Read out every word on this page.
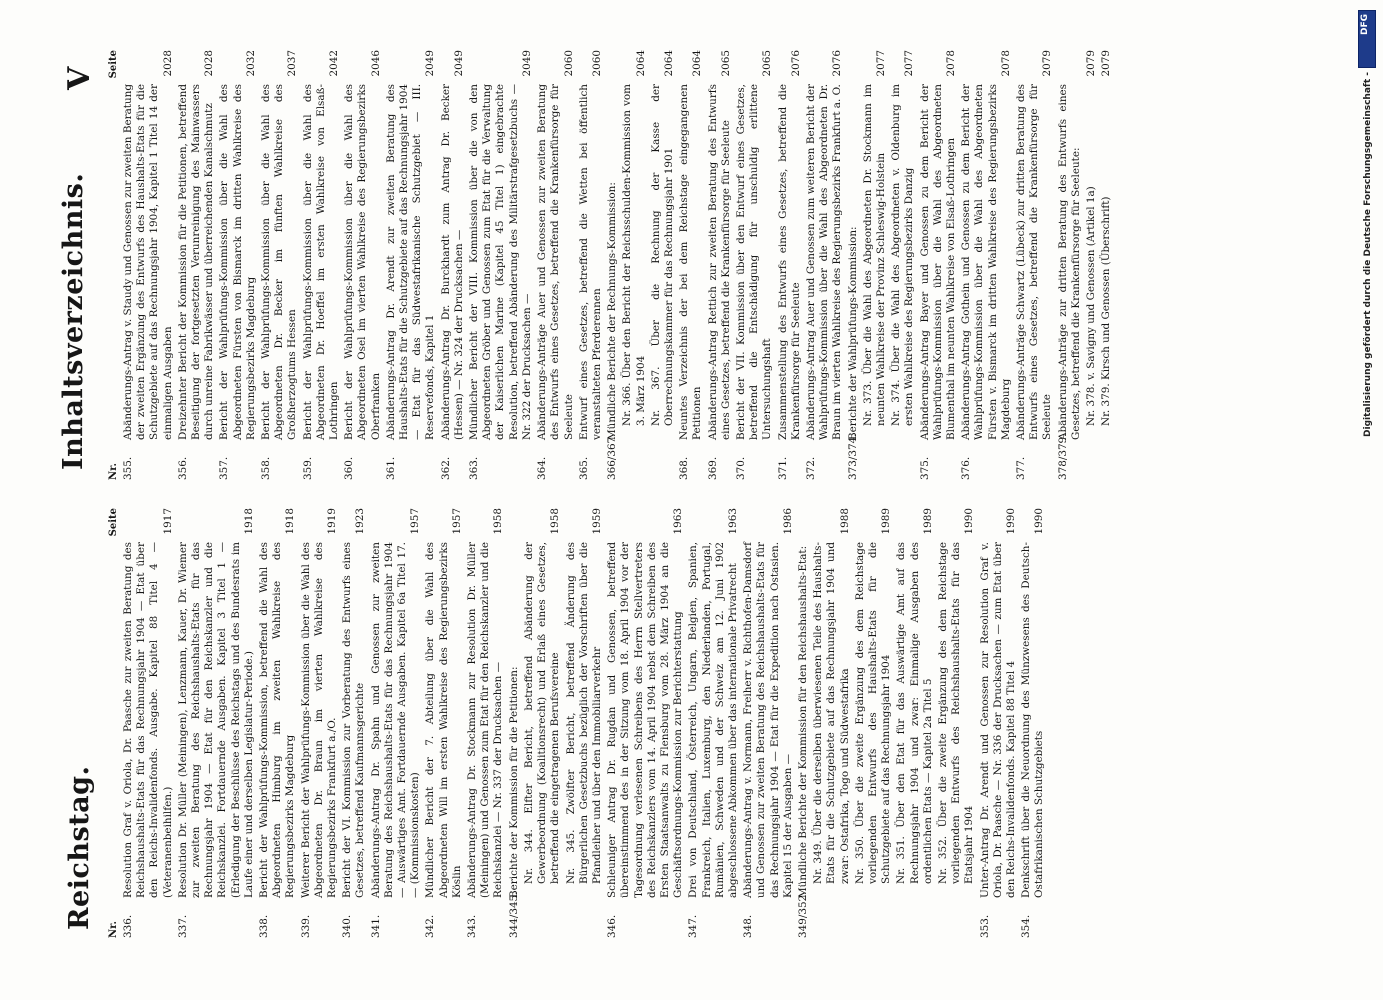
Reichstag.
Inhaltsverzeichnis.
V
Nr.
Seite
336.
Resolution Graf v. Oriola, Dr. Paasche zur zweiten Beratung des Reichshaushalts-Etats für das Rechnungsjahr 1904 — Etat über den Reichs-Invalidenfonds. Ausgabe. Kapitel 88 Titel 4 — (Veteranenbeihilfen.)
1917
337.
Resolution Dr. Müller (Meiningen), Lenzmann, Kauer, Dr. Wiemer zur zweiten Beratung des Reichshaushalts-Etats für das Rechnungsjahr 1904 — Etat für den Reichskanzler und die Reichskanzlei. Fortdauernde Ausgaben. Kapitel 3 Titel 1 — (Erledigung der Beschlüsse des Reichstags und des Bundesrats im Laufe einer und derselben Legislatur-Periode.)
1918
338.
Bericht der Wahlprüfungs-Kommission, betreffend die Wahl des Abgeordneten Himburg im zweiten Wahlkreise des Regierungsbezirks Magdeburg
1918
339.
Weiterer Bericht der Wahlprüfungs-Kommission über die Wahl des Abgeordneten Dr. Braun im vierten Wahlkreise des Regierungsbezirks Frankfurt a./O.
1919
340.
Bericht der VI. Kommission zur Vorberatung des Entwurfs eines Gesetzes, betreffend Kaufmannsgerichte
1923
341.
Abänderungs-Antrag Dr. Spahn und Genossen zur zweiten Beratung des Reichshaushalts-Etats für das Rechnungsjahr 1904 — Auswärtiges Amt. Fortdauernde Ausgaben. Kapitel 6a Titel 17. — (Kommissionskosten)
1957
342.
Mündlicher Bericht der 7. Abteilung über die Wahl des Abgeordneten Will im ersten Wahlkreise des Regierungsbezirks Köslin
1957
343.
Abänderungs-Antrag Dr. Stockmann zur Resolution Dr. Müller (Meiningen) und Genossen zum Etat für den Reichskanzler und die Reichskanzlei — Nr. 337 der Drucksachen —
1958
344/345.
Berichte der Kommission für die Petitionen: Nr. 344. Elfter Bericht, betreffend Abänderung der Gewerbeordnung (Koalitionsrecht) und Erlaß eines Gesetzes, betreffend die eingetragenen Berufsvereine
1958
Nr. 345. Zwölfter Bericht, betreffend Änderung des Bürgerlichen Gesetzbuchs bezüglich der Vorschriften über die Pfandleiher und über den Immobiliarverkehr
1959
346.
Schleuniger Antrag Dr. Rugdan und Genossen, betreffend übereinstimmend des in der Sitzung vom 18. April 1904 vor der Tagesordnung verlesenen Schreibens des Herrn Stellvertreters des Reichskanzlers vom 14. April 1904 nebst dem Schreiben des Ersten Staatsanwalts zu Flensburg vom 28. März 1904 an die Geschäftsordnungs-Kommission zur Berichterstattung
1963
347.
Drei von Deutschland, Österreich, Ungarn, Belgien, Spanien, Frankreich, Italien, Luxemburg, den Niederlanden, Portugal, Rumänien, Schweden und der Schweiz am 12. Juni 1902 abgeschlossene Abkommen über das internationale Privatrecht
1963
348.
Abänderungs-Antrag v. Normann, Freiherr v. Richthofen-Damsdorf und Genossen zur zweiten Beratung des Reichshaushalts-Etats für das Rechnungsjahr 1904 — Etat für die Expedition nach Ostasien. Kapitel 15 der Ausgaben —
1986
349/352.
Mündliche Berichte der Kommission für den Reichshaushalts-Etat: Nr. 349. Über die derselben überwiesenen Teile des Haushalts-Etats für die Schutzgebiete auf das Rechnungsjahr 1904 und zwar: Ostafrika, Togo und Südwestafrika
1988
Nr. 350. Über die zweite Ergänzung des dem Reichstage vorliegenden Entwurfs des Haushalts-Etats für die Schutzgebiete auf das Rechnungsjahr 1904
1989
Nr. 351. Über den Etat für das Auswärtige Amt auf das Rechnungsjahr 1904 und zwar: Einmalige Ausgaben des ordentlichen Etats — Kapitel 2a Titel 5
1989
Nr. 352. Über die zweite Ergänzung des dem Reichstage vorliegenden Entwurfs des Reichshaushalts-Etats für das Etatsjahr 1904
1990
353.
Unter-Antrag Dr. Arendt und Genossen zur Resolution Graf v. Oriola, Dr. Paasche — Nr. 336 der Drucksachen — zum Etat über den Reichs-Invalidenfonds. Kapitel 88 Titel 4
1990
354.
Denkschrift über die Neuordnung des Münzwesens des Deutsch-Ostafrikanischen Schutzgebiets
1990
Nr.
Seite
355.
Abänderungs-Antrag v. Staudy und Genossen zur zweiten Beratung der zweiten Ergänzung des Entwurfs des Haushalts-Etats für die Schutzgebiete auf das Rechnungsjahr 1904, Kapitel 1 Titel 14 der einmaligen Ausgaben
2028
356.
Dreizehnter Bericht der Kommission für die Petitionen, betreffend Beseitigung der fortgesetzten Verunreinigung des Mainwassers durch unreine Fabrikwässer und überreichenden Kanalschmutz
2028
357.
Bericht der Wahlprüfungs-Kommission über die Wahl des Abgeordneten Fürsten von Bismarck im dritten Wahlkreise des Regierungsbezirks Magdeburg
2032
358.
Bericht der Wahlprüfungs-Kommission über die Wahl des Abgeordneten Dr. Becker im fünften Wahlkreise des Großherzogtums Hessen
2037
359.
Bericht der Wahlprüfungs-Kommission über die Wahl des Abgeordneten Dr. Hoeffel im ersten Wahlkreise von Elsaß-Lothringen
2042
360.
Bericht der Wahlprüfungs-Kommission über die Wahl des Abgeordneten Osel im vierten Wahlkreise des Regierungsbezirks Oberfranken
2046
361.
Abänderungs-Antrag Dr. Arendt zur zweiten Beratung des Haushalts-Etats für die Schutzgebiete auf das Rechnungsjahr 1904 — Etat für das Südwestafrikanische Schutzgebiet — III. Reservefonds, Kapitel 1
2049
362.
Abänderungs-Antrag Dr. Burckhardt zum Antrag Dr. Becker (Hessen) — Nr. 324 der Drucksachen —
2049
363.
Mündlicher Bericht der VIII. Kommission über die von den Abgeordneten Gröber und Genossen zum Etat für die Verwaltung der Kaiserlichen Marine (Kapitel 45 Titel 1) eingebrachte Resolution, betreffend Abänderung des Militärstrafgesetzbuchs — Nr. 322 der Drucksachen —
2049
364.
Abänderungs-Anträge Auer und Genossen zur zweiten Beratung des Entwurfs eines Gesetzes, betreffend die Krankenfürsorge für Seeleute
2060
365.
Entwurf eines Gesetzes, betreffend die Wetten bei öffentlich veranstalteten Pferderennen
2060
366/367.
Mündliche Berichte der Rechnungs-Kommission: Nr. 366. Über den Bericht der Reichsschulden-Kommission vom 3. März 1904
2064
Nr. 367. Über die Rechnung der Kasse der Oberrechnungskammer für das Rechnungsjahr 1901
2064
368.
Neuntes Verzeichnis der bei dem Reichstage eingegangenen Petitionen
2064
369.
Abänderungs-Antrag Rettich zur zweiten Beratung des Entwurfs eines Gesetzes, betreffend die Krankenfürsorge für Seeleute
2065
370.
Bericht der VII. Kommission über den Entwurf eines Gesetzes, betreffend die Entschädigung für unschuldig erlittene Untersuchungshaft
2065
371.
Zusammenstellung des Entwurfs eines Gesetzes, betreffend die Krankenfürsorge für Seeleute
2076
372.
Abänderungs-Antrag Auer und Genossen zum weiteren Bericht der Wahlprüfungs-Kommission über die Wahl des Abgeordneten Dr. Braun im vierten Wahlkreise des Regierungsbezirks Frankfurt a. O.
2076
373/374.
Berichte der Wahlprüfungs-Kommission: Nr. 373. Über die Wahl des Abgeordneten Dr. Stockmann im neunten Wahlkreise der Provinz Schleswig-Holstein
2077
Nr. 374. Über die Wahl des Abgeordneten v. Oldenburg im ersten Wahlkreise des Regierungsbezirks Danzig
2077
375.
Abänderungs-Antrag Bayer und Genossen zu dem Bericht der Wahlprüfungs-Kommission über die Wahl des Abgeordneten Blumenthal im neunten Wahlkreise von Elsaß-Lothringen
2078
376.
Abänderungs-Antrag Gothein und Genossen zu dem Bericht der Wahlprüfungs-Kommission über die Wahl des Abgeordneten Fürsten v. Bismarck im dritten Wahlkreise des Regierungsbezirks Magdeburg
2078
377.
Abänderungs-Anträge Schwartz (Lübeck) zur dritten Beratung des Entwurfs eines Gesetzes, betreffend die Krankenfürsorge für Seeleute
2079
378/379.
Abänderungs-Anträge zur dritten Beratung des Entwurfs eines Gesetzes, betreffend die Krankenfürsorge für Seeleute: Nr. 378. v. Savigny und Genossen (Artikel 1a)
2079
Nr. 379. Kirsch und Genossen (Überschrift)
2079
Digitalisierung gefördert durch die Deutsche Forschungsgemeinschaft -
DFG
